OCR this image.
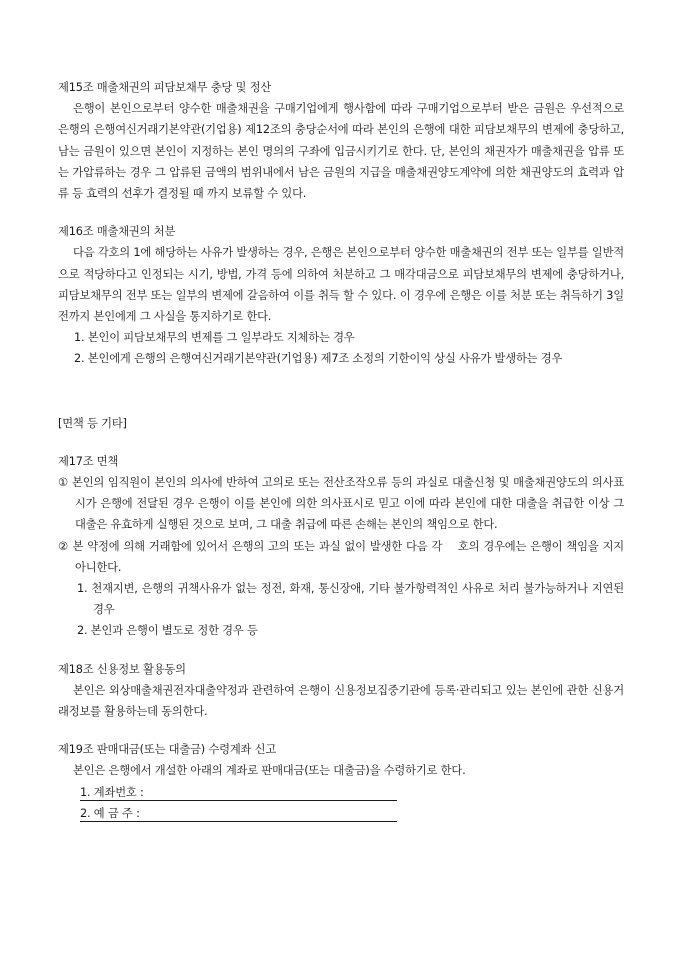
제15조 매출채권의 피담보채무 충당 및 정산

은행이 본인으로부터 양수한 매출채권을 구매기업에게 행사함에 따라 구매기업으로부터 받은 금원은 우선적으로 은행의 은행여신거래기본약관(기업용) 제12조의 충당순서에 따라 본인의 은행에 대한 피담보채무의 변제에 충당하고, 남는 금원이 있으면 본인이 지정하는 본인 명의의 구좌에 입금시키기로 한다. 단, 본인의 채권자가 매출채권을 압류 또는 가압류하는 경우 그 압류된 금액의 범위내에서 남은 금원의 지급을 매출채권양도계약에 의한 채권양도의 효력과 압류 등 효력의 선후가 결정될 때 까지 보류할 수 있다.

제16조 매출채권의 처분

다음 각호의 1에 해당하는 사유가 발생하는 경우, 은행은 본인으로부터 양수한 매출채권의 전부 또는 일부를 일반적으로 적당하다고 인정되는 시기, 방법, 가격 등에 의하여 처분하고 그 매각대금으로 피담보채무의 변제에 충당하거나, 피담보채무의 전부 또는 일부의 변제에 갈음하여 이를 취득 할 수 있다. 이 경우에 은행은 이를 처분 또는 취득하기 3일전까지 본인에게 그 사실을 통지하기로 한다.

1. 본인이 피담보채무의 변제를 그 일부라도 지체하는 경우

2. 본인에게 은행의 은행여신거래기본약관(기업용) 제7조 소정의 기한이익 상실 사유가 발생하는 경우

[면책 등 기타]

제17조 면책

① 본인의 임직원이 본인의 의사에 반하여 고의로 또는 전산조작오류 등의 과실로 대출신청 및 매출채권양도의 의사표시가 은행에 전달된 경우 은행이 이를 본인에 의한 의사표시로 믿고 이에 따라 본인에 대한 대출을 취급한 이상 그 대출은 유효하게 실행된 것으로 보며, 그 대출 취급에 따른 손해는 본인의 책임으로 한다.

② 본 약정에 의해 거래함에 있어서 은행의 고의 또는 과실 없이 발생한 다음 각 　호의 경우에는 은행이 책임을 지지 아니한다.

1. 천재지변, 은행의 귀책사유가 없는 정전, 화재, 통신장애, 기타 불가항력적인 사유로 처리 불가능하거나 지연된 경우

2. 본인과 은행이 별도로 정한 경우 등

제18조 신용정보 활용동의

본인은 외상매출채권전자대출약정과 관련하여 은행이 신용정보집중기관에 등록·관리되고 있는 본인에 관한 신용거래정보를 활용하는데 동의한다.

제19조 판매대금(또는 대출금) 수령계좌 신고

본인은 은행에서 개설한 아래의 계좌로 판매대금(또는 대출금)을 수령하기로 한다.

1. 계좌번호 :

2. 예 금 주 :
